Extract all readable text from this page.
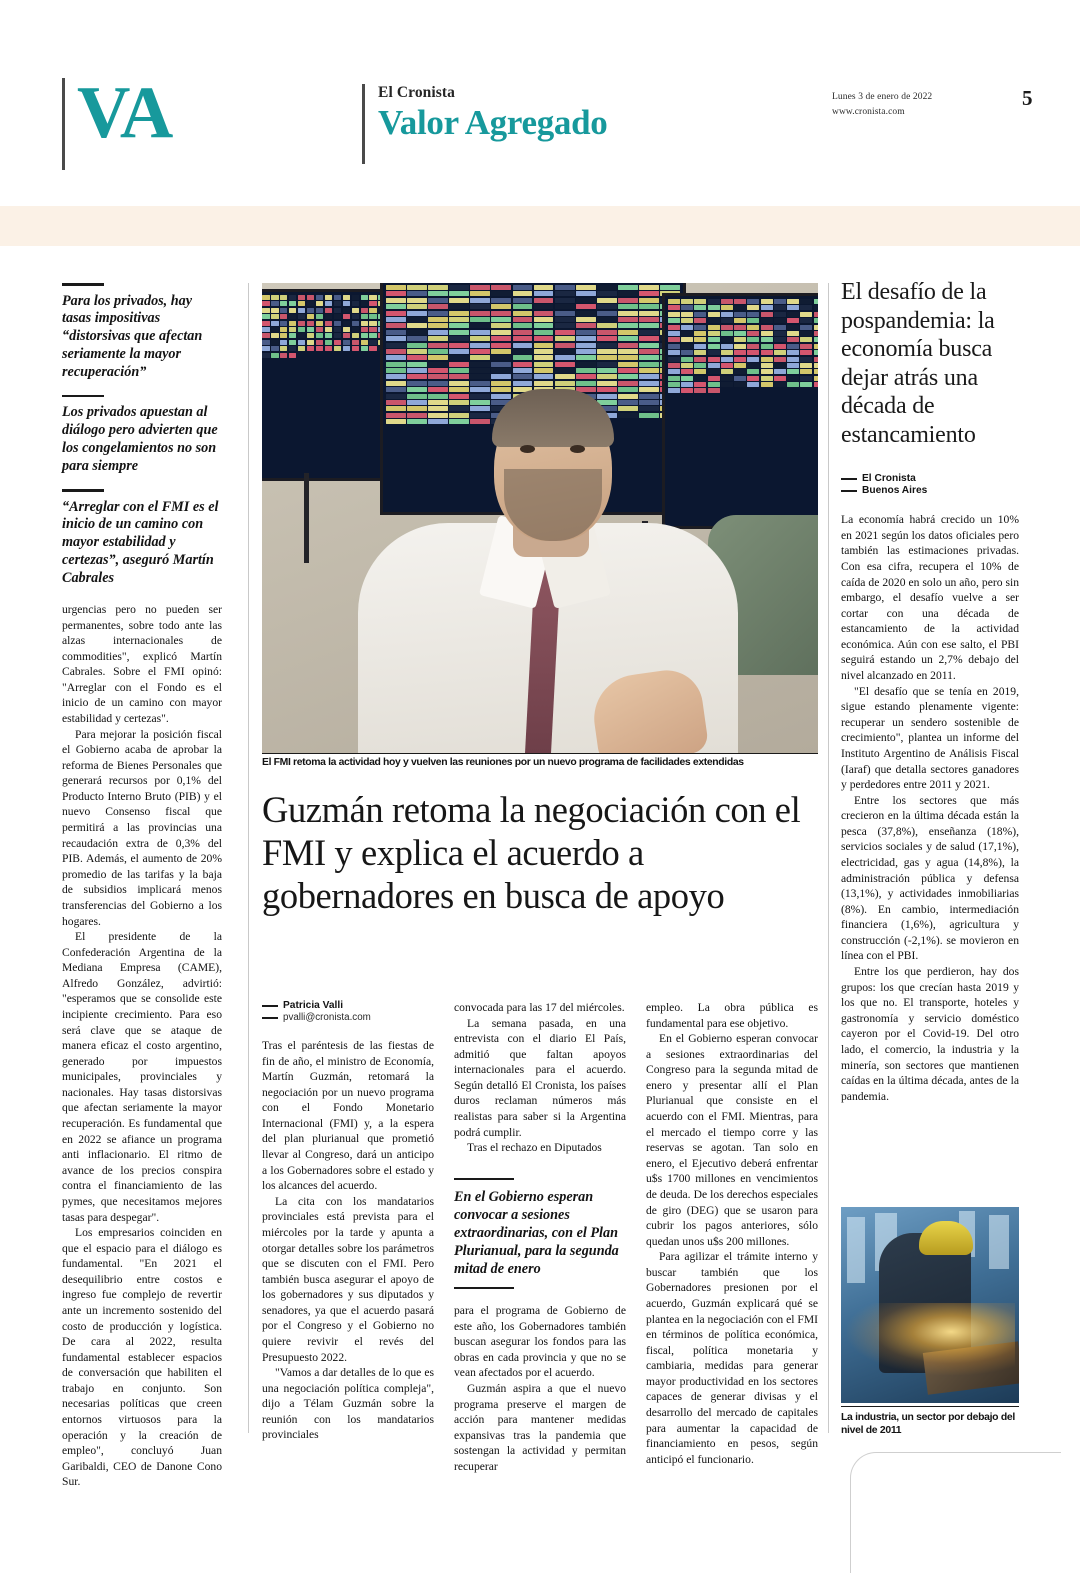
VA	El Cronista
Valor Agregado
Lunes 3 de enero de 2022
www.cronista.com
5
Para los privados, hay tasas impositivas “distorsivas que afectan seriamente la mayor recuperación”
Los privados apuestan al diálogo pero advierten que los congelamientos no son para siempre
“Arreglar con el FMI es el inicio de un camino con mayor estabilidad y certezas”, aseguró Martín Cabrales

urgencias pero no pueden ser permanentes, sobre todo ante las alzas internacionales de commodities", explicó Martín Cabrales. Sobre el FMI opinó: "Arreglar con el Fondo es el inicio de un camino con mayor estabilidad y certezas".

Para mejorar la posición fiscal el Gobierno acaba de aprobar la reforma de Bienes Personales que generará recursos por 0,1% del Producto Interno Bruto (PIB) y el nuevo Consenso fiscal que permitirá a las provincias una recaudación extra de 0,3% del PIB. Además, el aumento de 20% promedio de las tarifas y la baja de subsidios implicará menos transferencias del Gobierno a los hogares.

El presidente de la Confederación Argentina de la Mediana Empresa (CAME), Alfredo González, advirtió: "esperamos que se consolide este incipiente crecimiento. Para eso será clave que se ataque de manera eficaz el costo argentino, generado por impuestos municipales, provinciales y nacionales. Hay tasas distorsivas que afectan seriamente la mayor recuperación. Es fundamental que en 2022 se afiance un programa anti inflacionario. El ritmo de avance de los precios conspira contra el financiamiento de las pymes, que necesitamos mejores tasas para despegar".

Los empresarios coinciden en que el espacio para el diálogo es fundamental. "En 2021 el desequilibrio entre costos e ingreso fue complejo de revertir ante un incremento sostenido del costo de producción y logística. De cara al 2022, resulta fundamental establecer espacios de conversación que habiliten el trabajo en conjunto. Son necesarias políticas que creen entornos virtuosos para la operación y la creación de empleo", concluyó Juan Garibaldi, CEO de Danone Cono Sur.

El FMI retoma la actividad hoy y vuelven las reuniones por un nuevo programa de facilidades extendidas
Guzmán retoma la negociación con el FMI y explica el acuerdo a gobernadores en busca de apoyo
Patricia Valli
pvalli@cronista.com

Tras el paréntesis de las fiestas de fin de año, el ministro de Economía, Martín Guzmán, retomará la negociación por un nuevo programa con el Fondo Monetario Internacional (FMI) y, a la espera del plan plurianual que prometió llevar al Congreso, dará un anticipo a los Gobernadores sobre el estado y los alcances del acuerdo.

La cita con los mandatarios provinciales está prevista para el miércoles por la tarde y apunta a otorgar detalles sobre los parámetros que se discuten con el FMI. Pero también busca asegurar el apoyo de los gobernadores y sus diputados y senadores, ya que el acuerdo pasará por el Congreso y el Gobierno no quiere revivir el revés del Presupuesto 2022.

"Vamos a dar detalles de lo que es una negociación política compleja", dijo a Télam Guzmán sobre la reunión con los mandatarios provinciales

convocada para las 17 del miércoles.

La semana pasada, en una entrevista con el diario El País, admitió que faltan apoyos internacionales para el acuerdo. Según detalló El Cronista, los países duros reclaman números más realistas para saber si la Argentina podrá cumplir.

Tras el rechazo en Diputados

En el Gobierno esperan convocar a sesiones extraordinarias, con el Plan Plurianual, para la segunda mitad de enero

para el programa de Gobierno de este año, los Gobernadores también buscan asegurar los fondos para las obras en cada provincia y que no se vean afectados por el acuerdo.

Guzmán aspira a que el nuevo programa preserve el margen de acción para mantener medidas expansivas tras la pandemia que sostengan la actividad y permitan recuperar

empleo. La obra pública es fundamental para ese objetivo.

En el Gobierno esperan convocar a sesiones extraordinarias del Congreso para la segunda mitad de enero y presentar allí el Plan Plurianual que consiste en el acuerdo con el FMI. Mientras, para el mercado el tiempo corre y las reservas se agotan. Tan solo en enero, el Ejecutivo deberá enfrentar u$s 1700 millones en vencimientos de deuda. De los derechos especiales de giro (DEG) que se usaron para cubrir los pagos anteriores, sólo quedan unos u$s 200 millones.

Para agilizar el trámite interno y buscar también que los Gobernadores presionen por el acuerdo, Guzmán explicará qué se plantea en la negociación con el FMI en términos de política económica, fiscal, política monetaria y cambiaria, medidas para generar mayor productividad en los sectores capaces de generar divisas y el desarrollo del mercado de capitales para aumentar la capacidad de financiamiento en pesos, según anticipó el funcionario.

El desafío de la pospandemia: la economía busca dejar atrás una década de estancamiento
El Cronista
Buenos Aires

La economía habrá crecido un 10% en 2021 según los datos oficiales pero también las estimaciones privadas. Con esa cifra, recupera el 10% de caída de 2020 en solo un año, pero sin embargo, el desafío vuelve a ser cortar con una década de estancamiento de la actividad económica. Aún con ese salto, el PBI seguirá estando un 2,7% debajo del nivel alcanzado en 2011.

"El desafío que se tenía en 2019, sigue estando plenamente vigente: recuperar un sendero sostenible de crecimiento", plantea un informe del Instituto Argentino de Análisis Fiscal (Iaraf) que detalla sectores ganadores y perdedores entre 2011 y 2021.

Entre los sectores que más crecieron en la última década están la pesca (37,8%), enseñanza (18%), servicios sociales y de salud (17,1%), electricidad, gas y agua (14,8%), la administración pública y defensa (13,1%), y actividades inmobiliarias (8%). En cambio, intermediación financiera (1,6%), agricultura y construcción (-2,1%). se movieron en línea con el PBI.

Entre los que perdieron, hay dos grupos: los que crecían hasta 2019 y los que no. El transporte, hoteles y gastronomía y servicio doméstico cayeron por el Covid-19. Del otro lado, el comercio, la industria y la minería, son sectores que mantienen caídas en la última década, antes de la pandemia.

La industria, un sector por debajo del nivel de 2011
